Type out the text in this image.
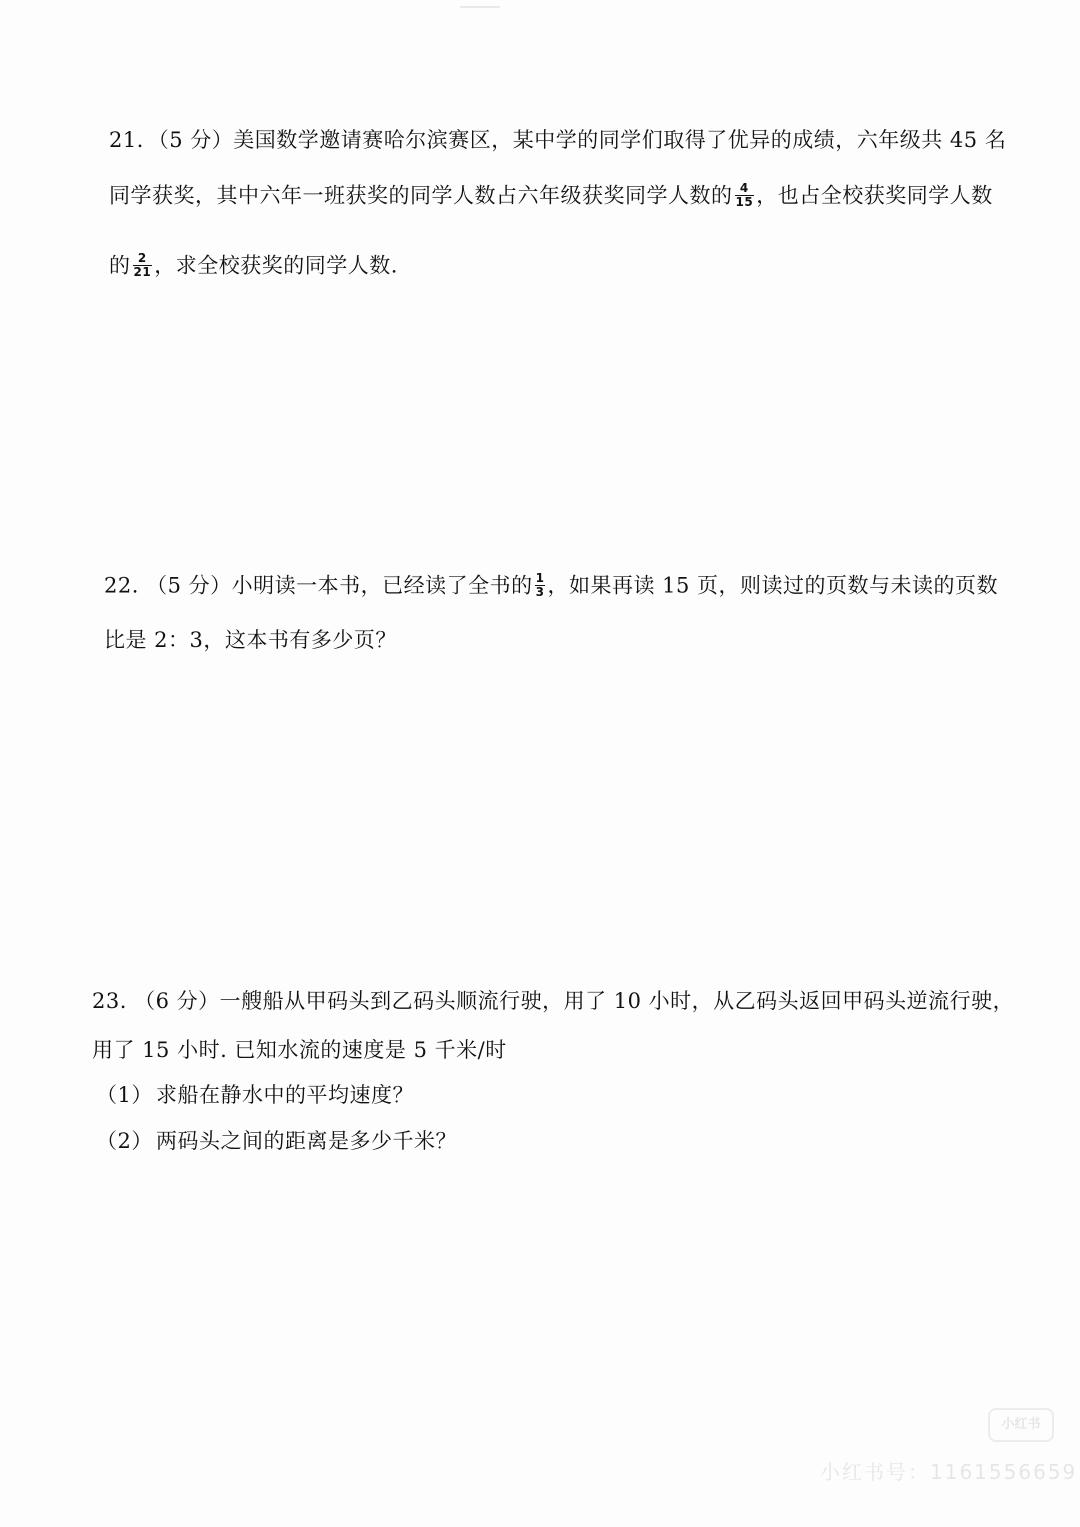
21．（5 分）美国数学邀请赛哈尔滨赛区，某中学的同学们取得了优异的成绩，六年级共 45 名
同学获奖，其中六年一班获奖的同学人数占六年级获奖同学人数的 $\frac{4}{15}$ ，也占全校获奖同学人数
的 $\frac{2}{21}$ ，求全校获奖的同学人数.
22. （5 分）小明读一本书，已经读了全书的 $\frac{1}{3}$ ，如果再读 15 页，则读过的页数与未读的页数
比是 2：3，这本书有多少页？
23. （6 分）一艘船从甲码头到乙码头顺流行驶，用了 10 小时，从乙码头返回甲码头逆流行驶，
用了 15 小时. 已知水流的速度是 5 千米/时
（1） 求船在静水中的平均速度？
（2） 两码头之间的距离是多少千米？
小红书
小红书号：1161556659
